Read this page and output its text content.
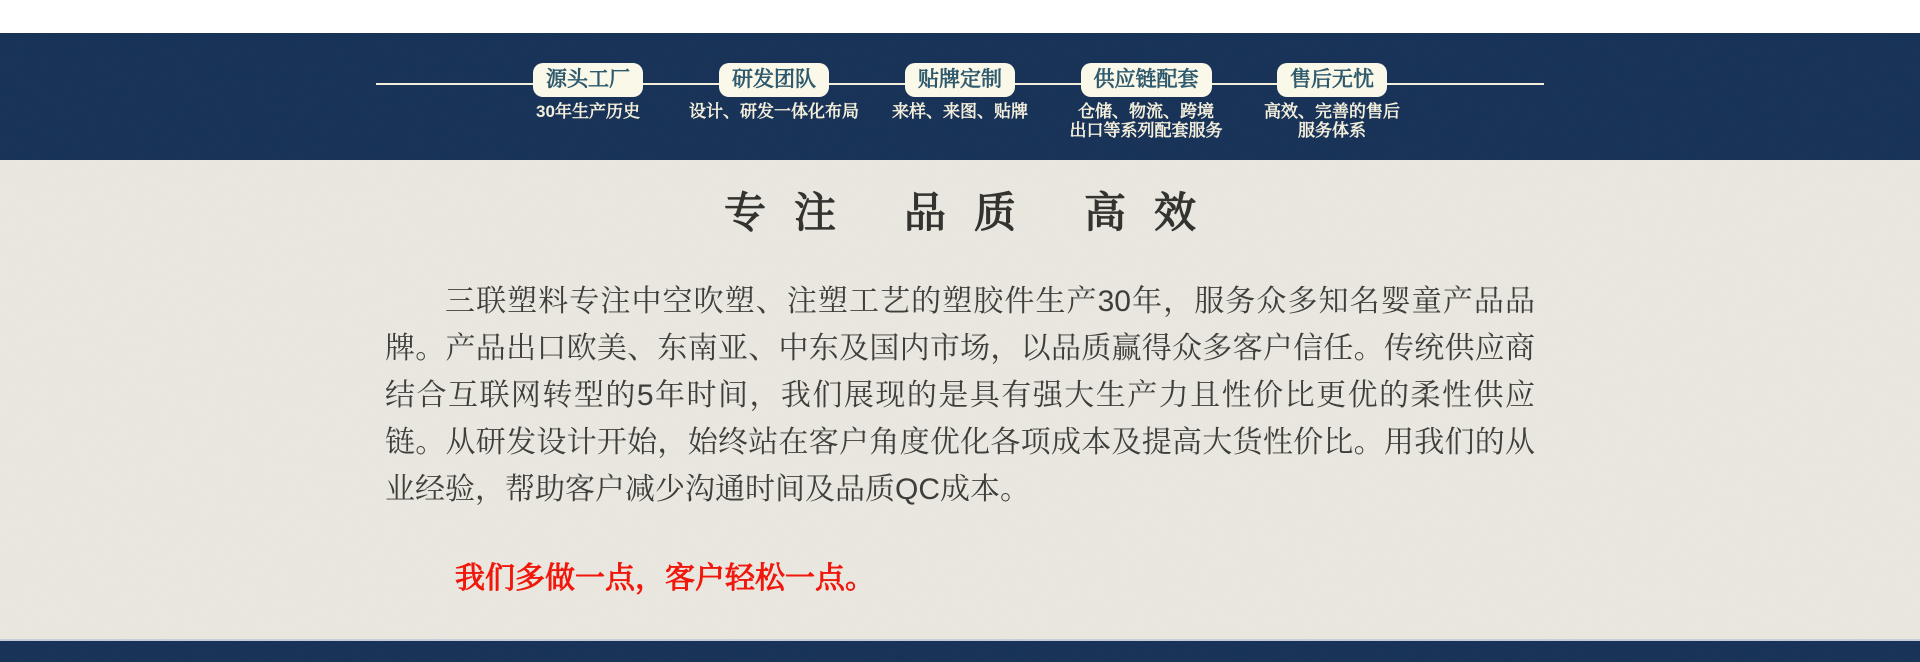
源头工厂
30年生产历史
研发团队
设计、研发一体化布局
贴牌定制
来样、来图、贴牌
供应链配套
仓储、物流、跨境
出口等系列配套服务
售后无忧
高效、完善的售后
服务体系
专注 品质 高效
三联塑料专注中空吹塑、注塑工艺的塑胶件生产30年，服务众多知名婴童产品品牌。产品出口欧美、东南亚、中东及国内市场，以品质赢得众多客户信任。传统供应商结合互联网转型的5年时间，我们展现的是具有强大生产力且性价比更优的柔性供应链。从研发设计开始，始终站在客户角度优化各项成本及提高大货性价比。用我们的从业经验，帮助客户减少沟通时间及品质QC成本。
我们多做一点，客户轻松一点。
